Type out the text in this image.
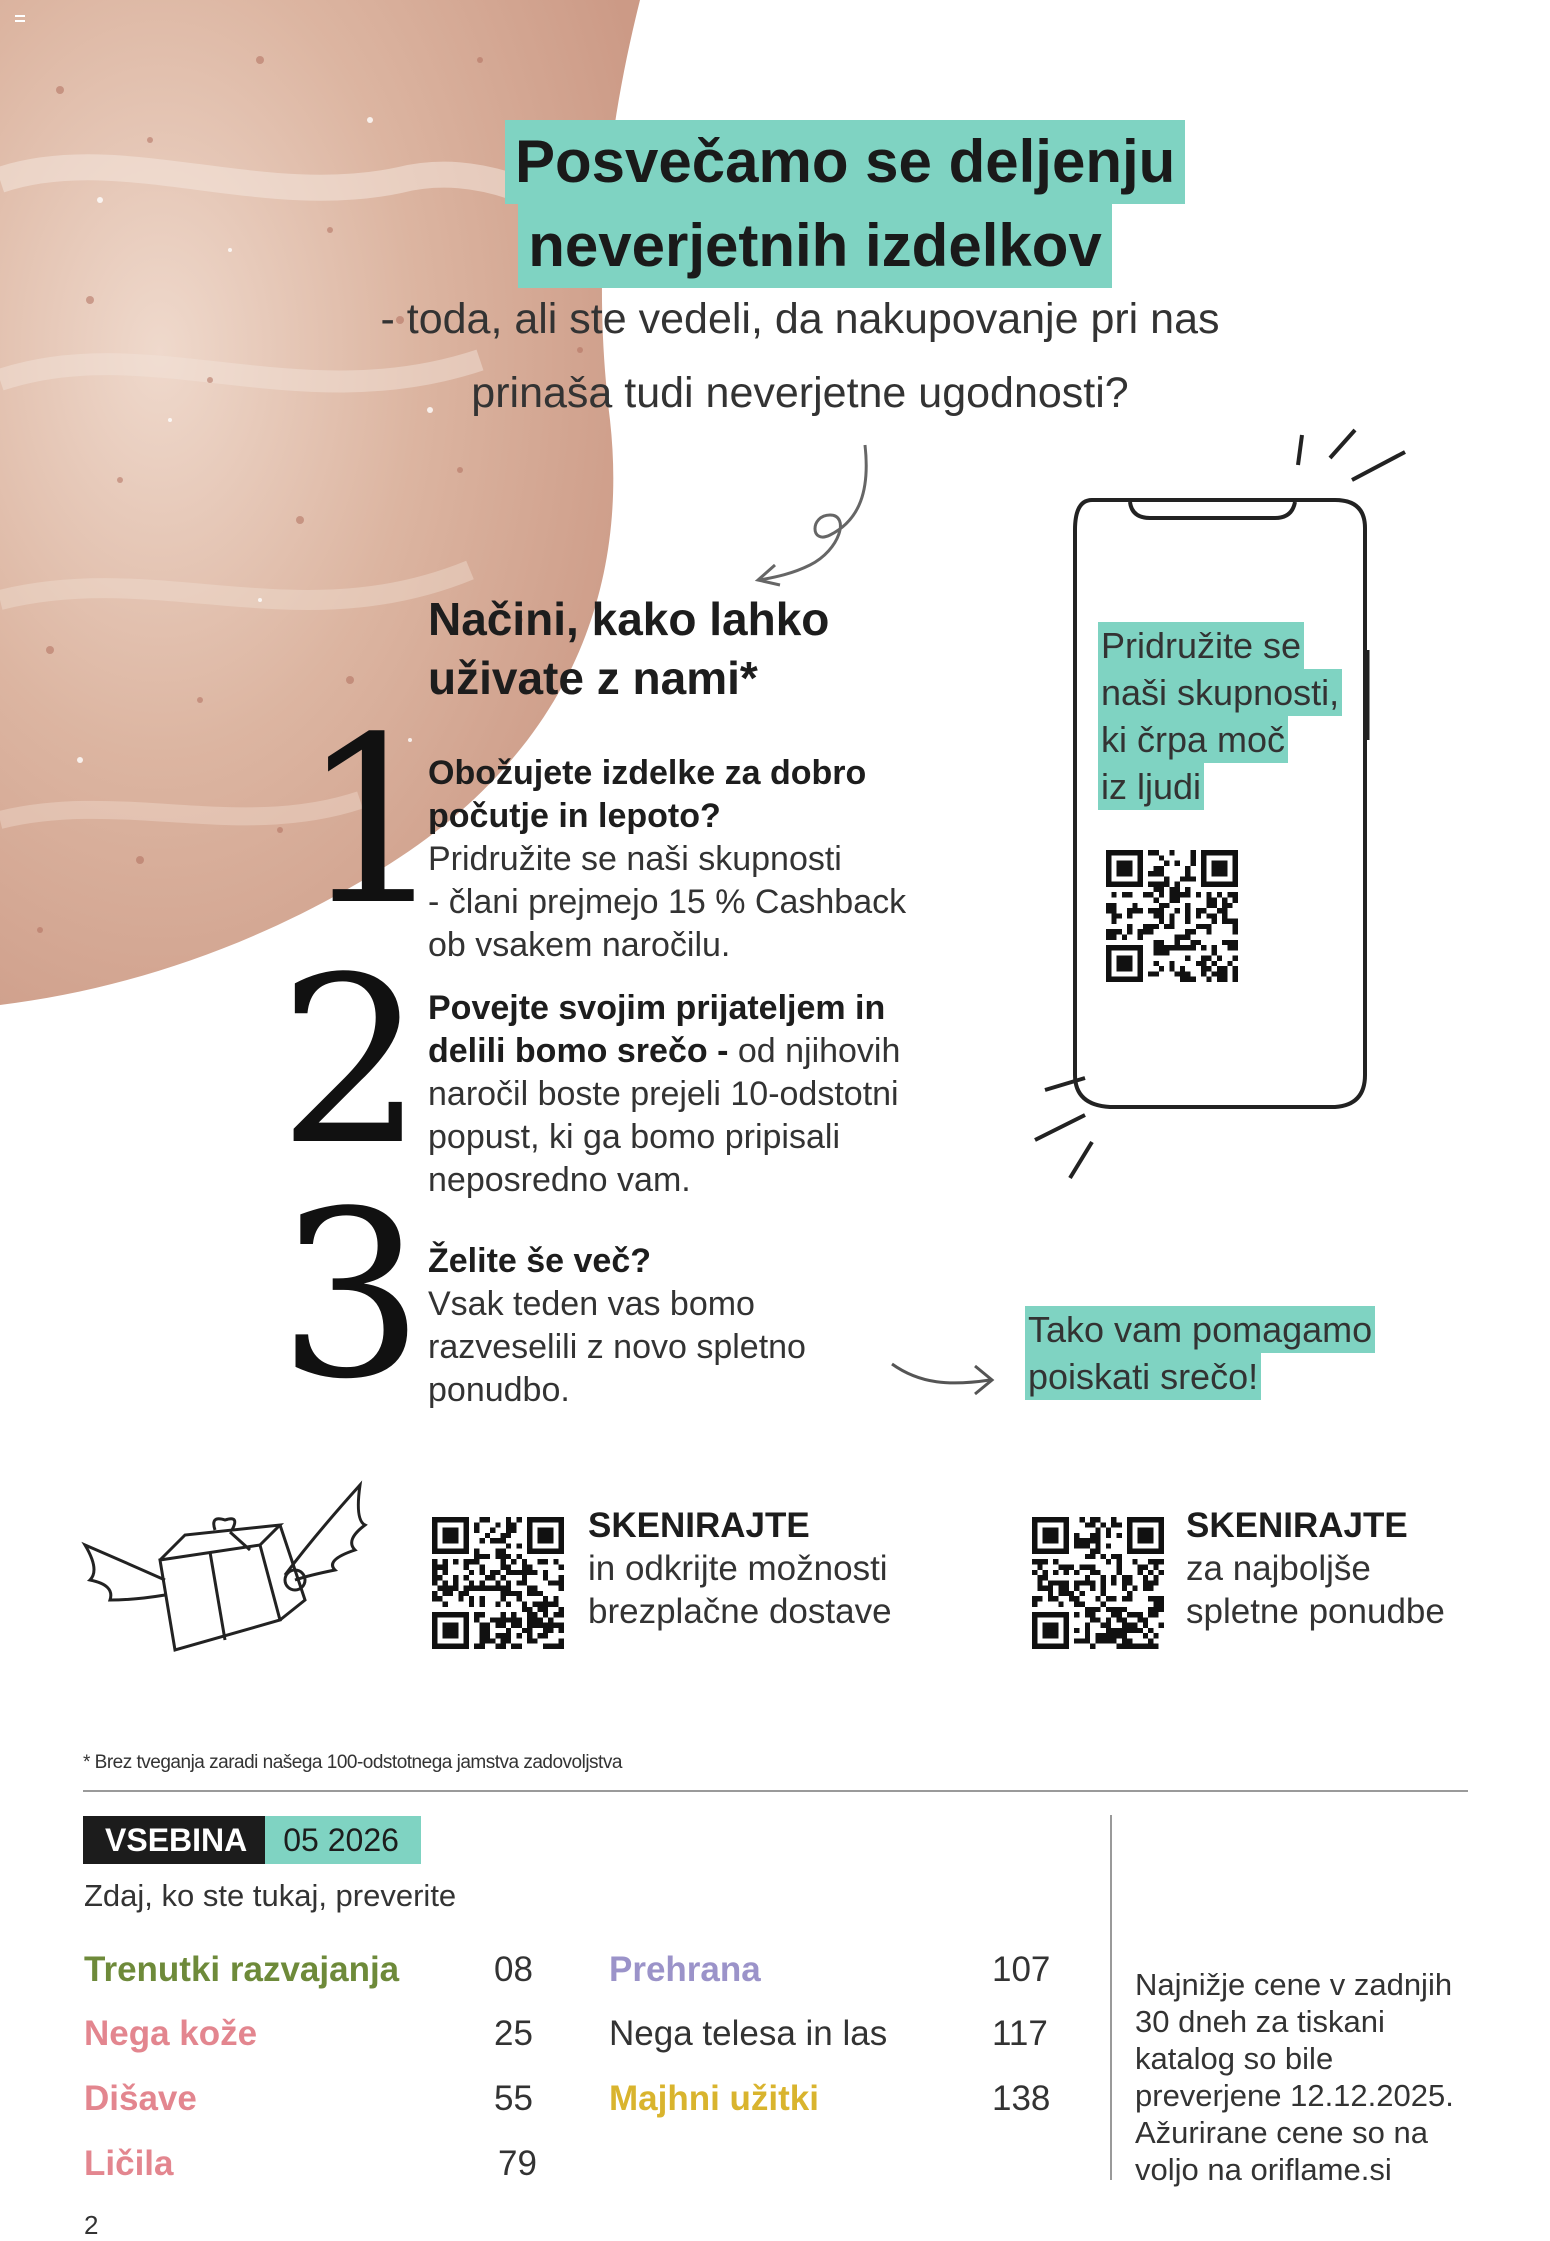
Posvečamo se deljenju
neverjetnih izdelkov
- toda, ali ste vedeli, da nakupovanje pri nas
prinaša tudi neverjetne ugodnosti?
Načini, kako lahko
uživate z nami*
1
2
3
Obožujete izdelke za dobro
počutje in lepoto?
Pridružite se naši skupnosti
- člani prejmejo 15 % Cashback
ob vsakem naročilu.
Povejte svojim prijateljem in
delili bomo srečo - od njihovih
naročil boste prejeli 10-odstotni
popust, ki ga bomo pripisali
neposredno vam.
Želite še več?
Vsak teden vas bomo
razveselili z novo spletno
ponudbo.
Pridružite se
naši skupnosti,
ki črpa moč
iz ljudi
Tako vam pomagamo
poiskati srečo!
SKENIRAJTE
in odkrijte možnosti
brezplačne dostave
SKENIRAJTE
za najboljše
spletne ponudbe
* Brez tveganja zaradi našega 100-odstotnega jamstva zadovoljstva
VSEBINA	05 2026
Zdaj, ko ste tukaj, preverite
Trenutki razvajanja	08
Nega kože	25
Dišave	55
Ličila	79
Prehrana	107
Nega telesa in las	117
Majhni užitki	138
Najnižje cene v zadnjih
30 dneh za tiskani
katalog so bile
preverjene 12.12.2025.
Ažurirane cene so na
voljo na oriflame.si
2
